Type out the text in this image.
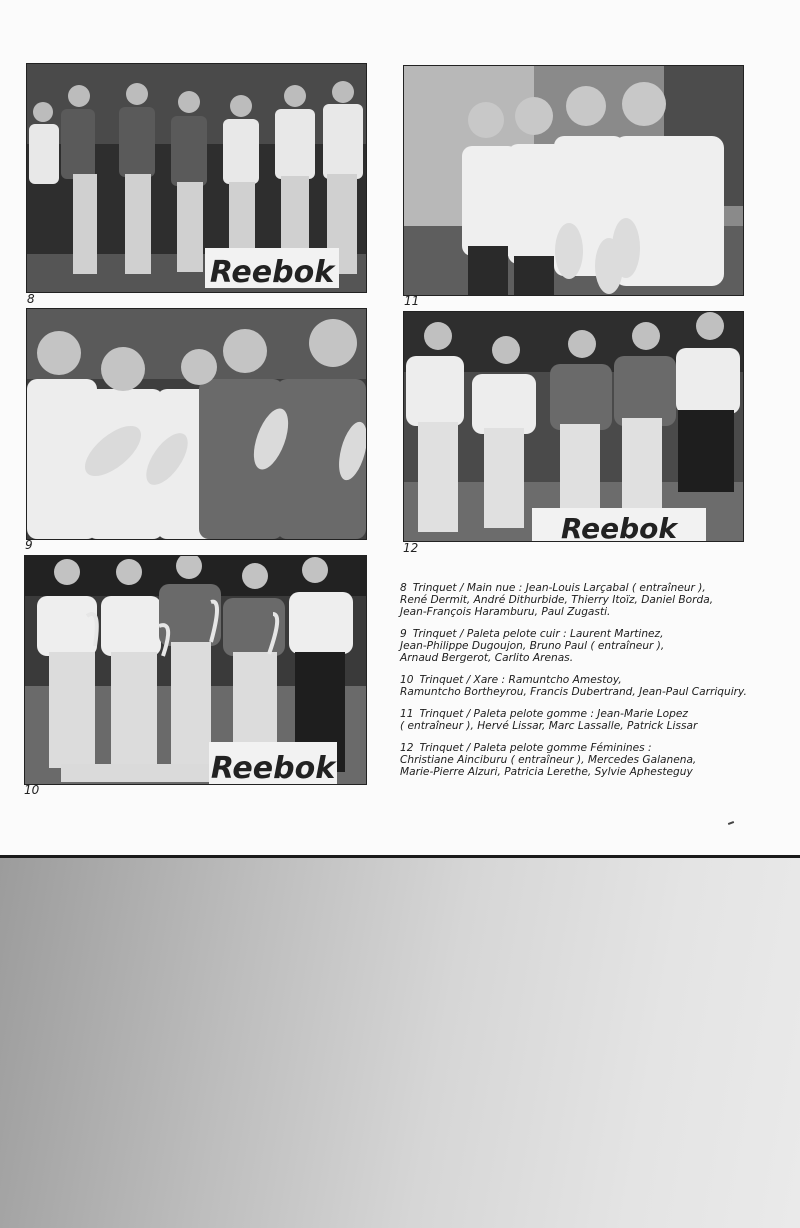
Reebok
8	11
9	Reebok
12
Reebok
10
8 Trinquet / Main nue : Jean-Louis Larçabal ( entraîneur ),
René Dermit, André Dithurbide, Thierry Itoïz, Daniel Borda,
Jean-François Haramburu, Paul Zugasti.
9 Trinquet / Paleta pelote cuir : Laurent Martinez,
Jean-Philippe Dugoujon, Bruno Paul ( entraîneur ),
Arnaud Bergerot, Carlito Arenas.
10 Trinquet / Xare : Ramuntcho Amestoy,
Ramuntcho Bortheyrou, Francis Dubertrand, Jean-Paul Carriquiry.
11 Trinquet / Paleta pelote gomme : Jean-Marie Lopez
( entraîneur ), Hervé Lissar, Marc Lassalle, Patrick Lissar
12 Trinquet / Paleta pelote gomme Féminines :
Christiane Ainciburu ( entraîneur ), Mercedes Galanena,
Marie-Pierre Alzuri, Patricia Lerethe, Sylvie Aphesteguy
